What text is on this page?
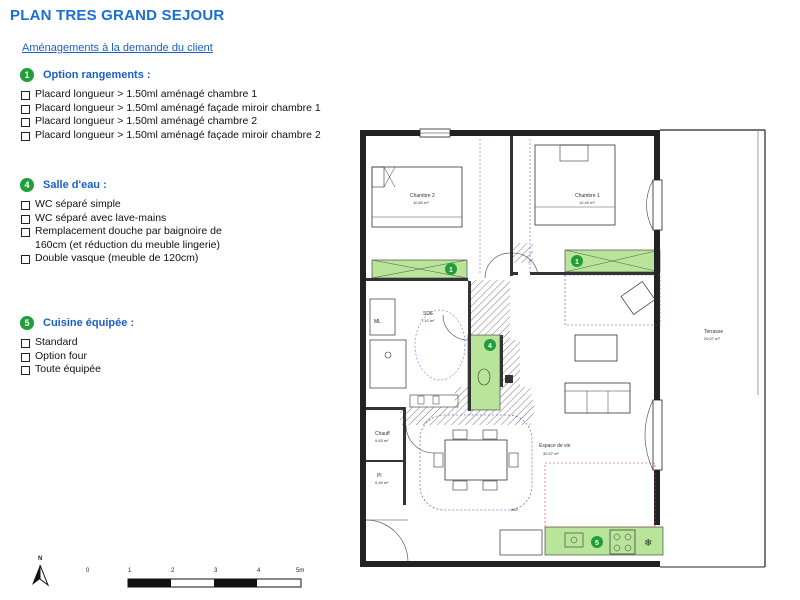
PLAN TRES GRAND SEJOUR
Aménagements à la demande du client
1	Option rangements :
Placard longueur > 1.50ml aménagé chambre 1
Placard longueur > 1.50ml aménagé façade miroir chambre 1
Placard longueur > 1.50ml aménagé chambre 2
Placard longueur > 1.50ml aménagé façade miroir chambre 2
4	Salle d'eau :
WC séparé simple
WC séparé avec lave-mains
Remplacement douche par baignoire de 160cm (et réduction du meuble lingerie)
Double vasque (meuble de 120cm)
5	Cuisine équipée :
Standard
Option four
Toute équipée
Terrasse
20,07 m²
Chambre 2
10,82 m²
Chambre 1
10,40 m²
ML
SDE
7,10 m²
Chauff
0,63 m²
Pl
0,49 m²
Espace de vie
32,97 m²
682
❄
1
1
4
5
0	1	2	3	4	5m
N
